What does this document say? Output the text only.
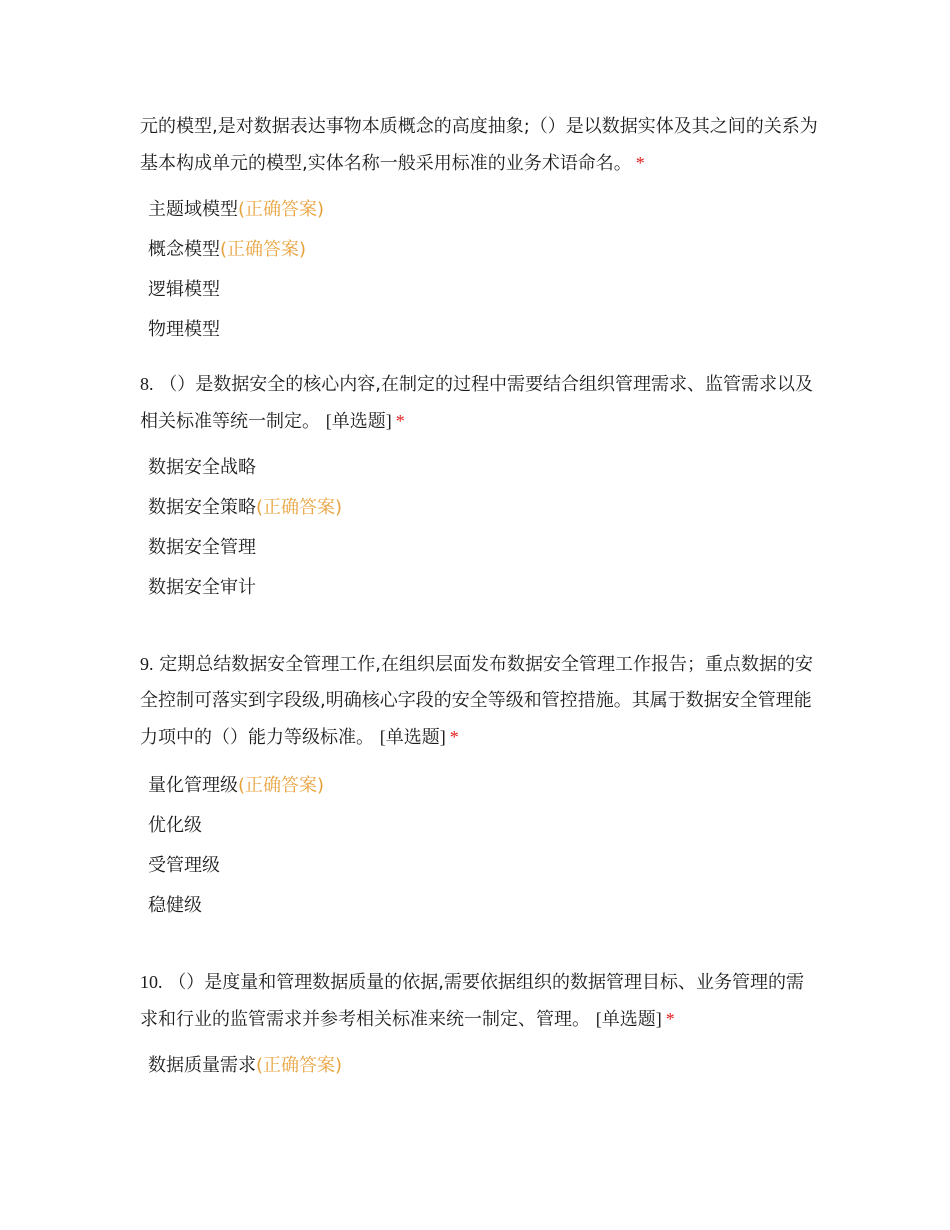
元的模型,是对数据表达事物本质概念的高度抽象;（）是以数据实体及其之间的关系为基本构成单元的模型,实体名称一般采用标准的业务术语命名。 *
主题域模型(正确答案)
概念模型(正确答案)
逻辑模型
物理模型
8. （）是数据安全的核心内容,在制定的过程中需要结合组织管理需求、监管需求以及相关标准等统一制定。 [单选题] *
数据安全战略
数据安全策略(正确答案)
数据安全管理
数据安全审计
9. 定期总结数据安全管理工作,在组织层面发布数据安全管理工作报告；重点数据的安全控制可落实到字段级,明确核心字段的安全等级和管控措施。其属于数据安全管理能力项中的（）能力等级标准。 [单选题] *
量化管理级(正确答案)
优化级
受管理级
稳健级
10. （）是度量和管理数据质量的依据,需要依据组织的数据管理目标、业务管理的需求和行业的监管需求并参考相关标准来统一制定、管理。 [单选题] *
数据质量需求(正确答案)
